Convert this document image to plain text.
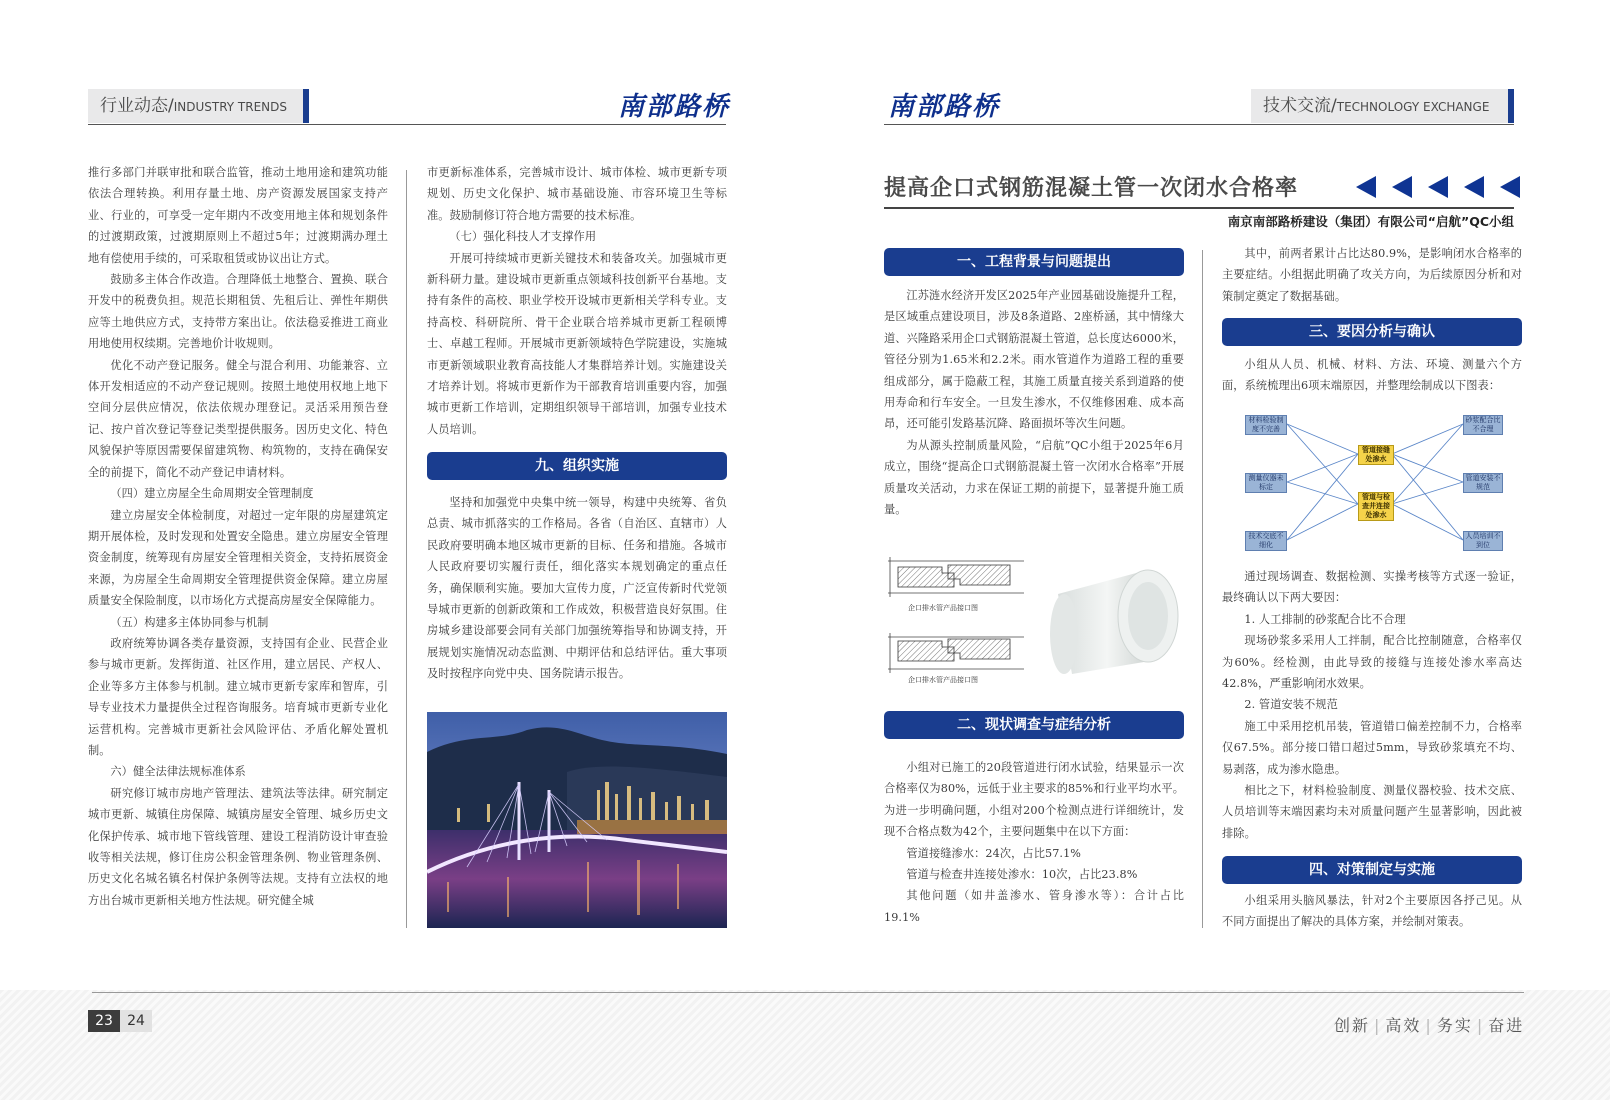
行业动态/INDUSTRY TRENDS	南部路桥

推行多部门并联审批和联合监管，推动土地用途和建筑功能依法合理转换。利用存量土地、房产资源发展国家支持产业、行业的，可享受一定年期内不改变用地主体和规划条件的过渡期政策，过渡期原则上不超过5年；过渡期满办理土地有偿使用手续的，可采取租赁或协议出让方式。

鼓励多主体合作改造。合理降低土地整合、置换、联合开发中的税费负担。规范长期租赁、先租后让、弹性年期供应等土地供应方式，支持带方案出让。依法稳妥推进工商业用地使用权续期。完善地价计收规则。

优化不动产登记服务。健全与混合利用、功能兼容、立体开发相适应的不动产登记规则。按照土地使用权地上地下空间分层供应情况，依法依规办理登记。灵活采用预告登记、按户首次登记等登记类型提供服务。因历史文化、特色风貌保护等原因需要保留建筑物、构筑物的，支持在确保安全的前提下，简化不动产登记申请材料。

（四）建立房屋全生命周期安全管理制度

建立房屋安全体检制度，对超过一定年限的房屋建筑定期开展体检，及时发现和处置安全隐患。建立房屋安全管理资金制度，统筹现有房屋安全管理相关资金，支持拓展资金来源，为房屋全生命周期安全管理提供资金保障。建立房屋质量安全保险制度，以市场化方式提高房屋安全保障能力。

（五）构建多主体协同参与机制

政府统筹协调各类存量资源，支持国有企业、民营企业参与城市更新。发挥街道、社区作用，建立居民、产权人、企业等多方主体参与机制。建立城市更新专家库和智库，引导专业技术力量提供全过程咨询服务。培育城市更新专业化运营机构。完善城市更新社会风险评估、矛盾化解处置机制。

六）健全法律法规标准体系

研究修订城市房地产管理法、建筑法等法律。研究制定城市更新、城镇住房保障、城镇房屋安全管理、城乡历史文化保护传承、城市地下管线管理、建设工程消防设计审查验收等相关法规，修订住房公积金管理条例、物业管理条例、历史文化名城名镇名村保护条例等法规。支持有立法权的地方出台城市更新相关地方性法规。研究健全城

市更新标准体系，完善城市设计、城市体检、城市更新专项规划、历史文化保护、城市基础设施、市容环境卫生等标准。鼓励制修订符合地方需要的技术标准。

（七）强化科技人才支撑作用

开展可持续城市更新关键技术和装备攻关。加强城市更新科研力量。建设城市更新重点领域科技创新平台基地。支持有条件的高校、职业学校开设城市更新相关学科专业。支持高校、科研院所、骨干企业联合培养城市更新工程硕博士、卓越工程师。开展城市更新领域特色学院建设，实施城市更新领域职业教育高技能人才集群培养计划。实施建设关才培养计划。将城市更新作为干部教育培训重要内容，加强城市更新工作培训，定期组织领导干部培训，加强专业技术人员培训。

九、组织实施

坚持和加强党中央集中统一领导，构建中央统筹、省负总责、城市抓落实的工作格局。各省（自治区、直辖市）人民政府要明确本地区城市更新的目标、任务和措施。各城市人民政府要切实履行责任，细化落实本规划确定的重点任务，确保顺利实施。要加大宣传力度，广泛宣传新时代党领导城市更新的创新政策和工作成效，积极营造良好氛围。住房城乡建设部要会同有关部门加强统筹指导和协调支持，开展规划实施情况动态监测、中期评估和总结评估。重大事项及时按程序向党中央、国务院请示报告。

南部路桥	技术交流/TECHNOLOGY EXCHANGE
提高企口式钢筋混凝土管一次闭水合格率
南京南部路桥建设（集团）有限公司“启航”QC小组
一、工程背景与问题提出

江苏涟水经济开发区2025年产业园基础设施提升工程，是区域重点建设项目，涉及8条道路、2座桥涵，其中情缘大道、兴隆路采用企口式钢筋混凝土管道，总长度达6000米，管径分别为1.65米和2.2米。雨水管道作为道路工程的重要组成部分，属于隐蔽工程，其施工质量直接关系到道路的使用寿命和行车安全。一旦发生渗水，不仅维修困难、成本高昂，还可能引发路基沉降、路面损坏等次生问题。

为从源头控制质量风险，“启航”QC小组于2025年6月成立，围绕“提高企口式钢筋混凝土管一次闭水合格率”开展质量攻关活动，力求在保证工期的前提下，显著提升施工质量。

企口排水管产品接口图
企口排水管产品接口图
二、现状调查与症结分析

小组对已施工的20段管道进行闭水试验，结果显示一次合格率仅为80%，远低于业主要求的85%和行业平均水平。为进一步明确问题，小组对200个检测点进行详细统计，发现不合格点数为42个，主要问题集中在以下方面：

管道接缝渗水：24次，占比57.1%

管道与检查井连接处渗水：10次，占比23.8%

其他问题（如井盖渗水、管身渗水等）：合计占比19.1%

其中，前两者累计占比达80.9%，是影响闭水合格率的主要症结。小组据此明确了攻关方向，为后续原因分析和对策制定奠定了数据基础。

三、要因分析与确认

小组从人员、机械、材料、方法、环境、测量六个方面，系统梳理出6项末端原因，并整理绘制成以下图表：

材料检验制度不完善
测量仪器未标定
技术交底不细化
管道接缝处渗水
管道与检查井连接处渗水
砂浆配合比不合理
管道安装不规范
人员培训不到位

通过现场调查、数据检测、实操考核等方式逐一验证，最终确认以下两大要因：

1. 人工排制的砂浆配合比不合理

现场砂浆多采用人工拌制，配合比控制随意，合格率仅为60%。经检测，由此导致的接缝与连接处渗水率高达42.8%，严重影响闭水效果。

2. 管道安装不规范

施工中采用挖机吊装，管道错口偏差控制不力，合格率仅67.5%。部分接口错口超过5mm，导致砂浆填充不均、易剥落，成为渗水隐患。

相比之下，材料检验制度、测量仪器校验、技术交底、人员培训等末端因素均未对质量问题产生显著影响，因此被排除。

四、对策制定与实施

小组采用头脑风暴法，针对2个主要原因各抒己见。从不同方面提出了解决的具体方案，并绘制对策表。

23	24	创新 | 高效 | 务实 | 奋进
